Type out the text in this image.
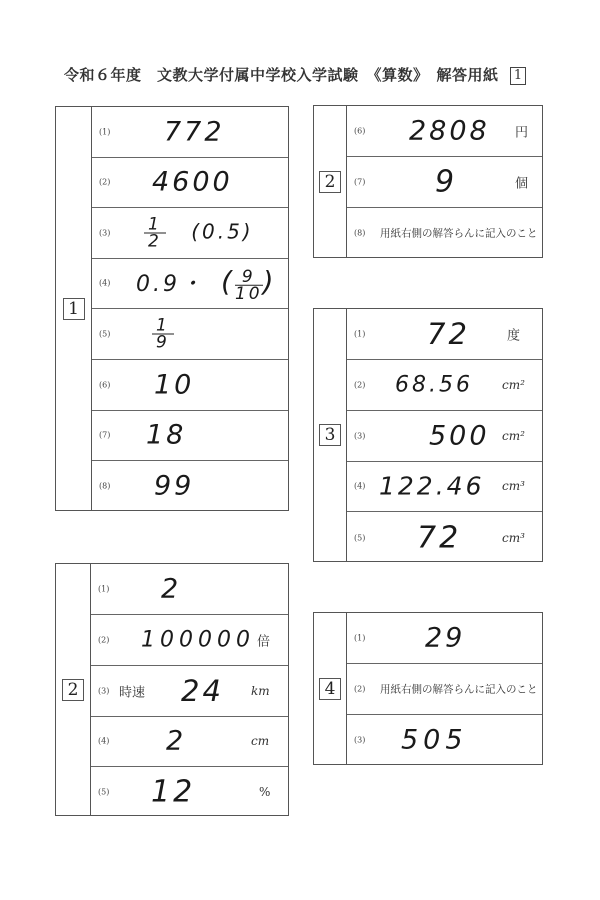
令和６年度　文教大学付属中学校入学試験　《算数》　解答用紙 1
1
(1) 772
(2) 4600
$(3) \frac{1}{2} (0.5)$
(4) 0.9・ ( $\frac{9}{10}$ )
$(5) \frac{1}{9}$
(6) 10
(7) 18
(8) 99
2
(6) 2808 円
(7) 9	個
(8) 用紙右側の解答らんに記入のこと
3
(1) 72	度
(2) 68.56 cm²
(3) 500 cm²
(4) 122.46 cm³
(5) 72	cm³
2
(1) 2
(2) 100000 倍
(3) 時速 24 km
(4) 2	cm
(5) 12	%
4
(1) 29
(2) 用紙右側の解答らんに記入のこと
(3) 505
